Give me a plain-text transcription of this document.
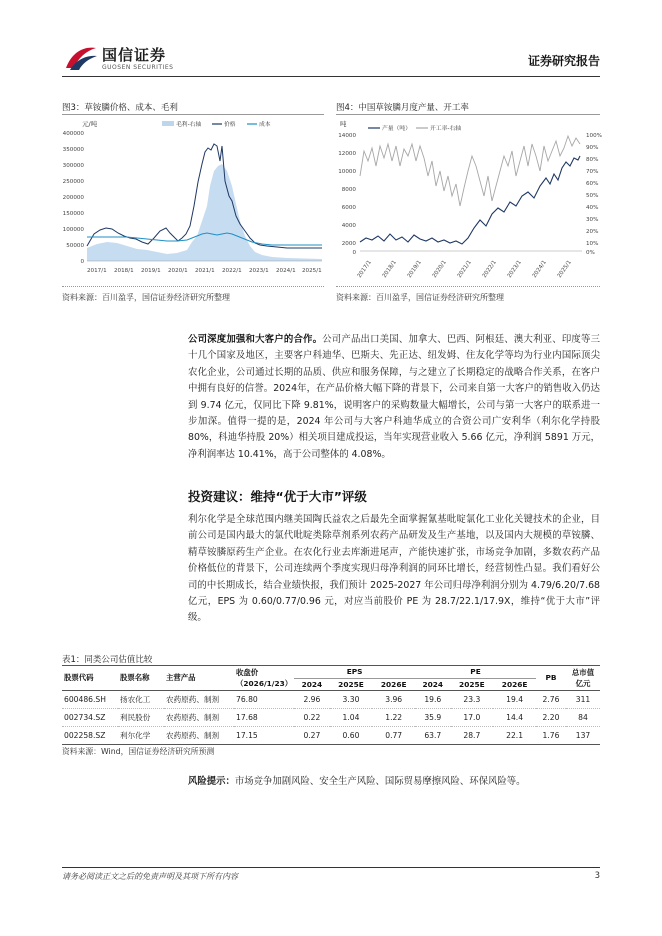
国信证券
GUOSEN SECURITIES	证券研究报告
图3：草铵膦价格、成本、毛利
元/吨	毛利-右轴	价格	成本
400000
350000
300000
250000
200000
150000
100000
50000
0
2017/1 2018/1 2019/1 2020/1 2021/1 2022/1 2023/1 2024/1 2025/1
资料来源：百川盈孚，国信证券经济研究所整理
图4：中国草铵膦月度产量、开工率
吨
产量（吨）	开工率-右轴
14000
12000
10000
8000
6000
4000
2000
0
100%
90%
80%
70%
60%
50%
40%
30%
20%
10%
0%
2017/1 2018/1 2019/1 2020/1 2021/1 2022/1 2023/1 2024/1 2025/1
资料来源：百川盈孚，国信证券经济研究所整理
公司深度加强和大客户的合作。公司产品出口美国、加拿大、巴西、阿根廷、澳大利亚、印度等三十几个国家及地区，主要客户科迪华、巴斯夫、先正达、纽发姆、住友化学等均为行业内国际顶尖农化企业，公司通过长期的品质、供应和服务保障，与之建立了长期稳定的战略合作关系，在客户中拥有良好的信誉。2024年，在产品价格大幅下降的背景下，公司来自第一大客户的销售收入仍达到 9.74 亿元，仅同比下降 9.81%，说明客户的采购数量大幅增长，公司与第一大客户的联系进一步加深。值得一提的是，2024 年公司与大客户科迪华成立的合资公司广安利华（利尔化学持股 80%，科迪华持股 20%）相关项目建成投运，当年实现营业收入 5.66 亿元，净利润 5891 万元，净利润率达 10.41%，高于公司整体的 4.08%。
投资建议：维持“优于大市”评级
利尔化学是全球范围内继美国陶氏益农之后最先全面掌握氰基吡啶氯化工业化关键技术的企业，目前公司是国内最大的氯代吡啶类除草剂系列农药产品研发及生产基地，以及国内大规模的草铵膦、精草铵膦原药生产企业。在农化行业去库渐进尾声，产能快速扩张，市场竞争加剧，多数农药产品价格低位的背景下，公司连续两个季度实现归母净利润的同环比增长，经营韧性凸显。我们看好公司的中长期成长，结合业绩快报，我们预计 2025-2027 年公司归母净利润分别为 4.79/6.20/7.68 亿元，EPS 为 0.60/0.77/0.96 元，对应当前股价 PE 为 28.7/22.1/17.9X，维持“优于大市”评级。
表1：同类公司估值比较
股票代码	股票名称	主营产品	收盘价	EPS			PE			PB	总市值
			（2026/1/23）	2024	2025E	2026E	2024	2025E	2026E		亿元
600486.SH	扬农化工	农药原药、制剂	76.80	2.96	3.30	3.96	19.6	23.3	19.4	2.76	311
002734.SZ	利民股份	农药原药、制剂	17.68	0.22	1.04	1.22	35.9	17.0	14.4	2.20	84
002258.SZ	利尔化学	农药原药、制剂	17.15	0.27	0.60	0.77	63.7	28.7	22.1	1.76	137
资料来源：Wind，国信证券经济研究所预测
风险提示：市场竞争加剧风险、安全生产风险、国际贸易摩擦风险、环保风险等。
请务必阅读正文之后的免责声明及其项下所有内容	3
